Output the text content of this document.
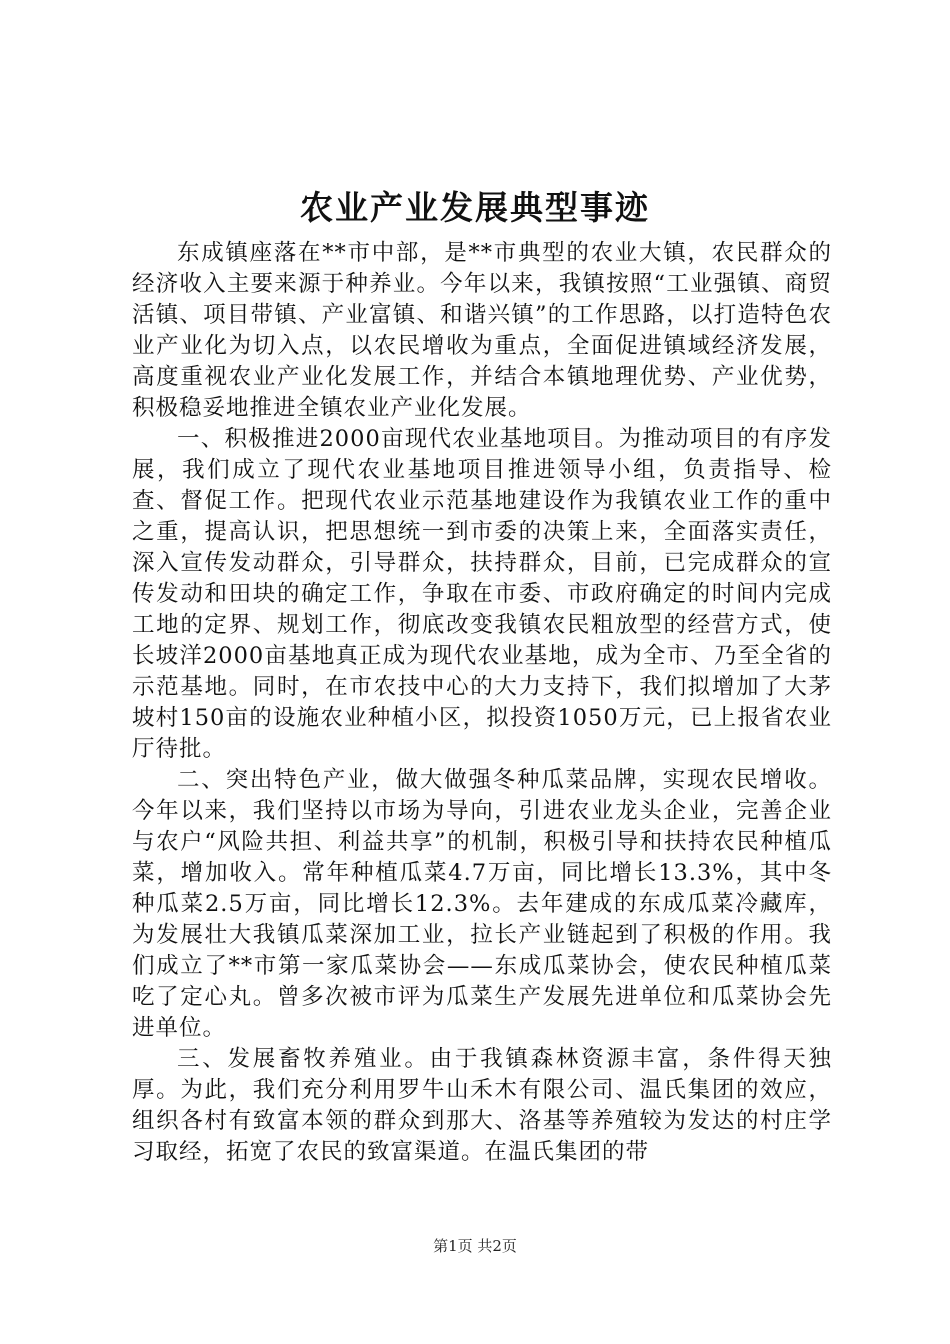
农业产业发展典型事迹

东成镇座落在**市中部，是**市典型的农业大镇，农民群众的经济收入主要来源于种养业。今年以来，我镇按照“工业强镇、商贸活镇、项目带镇、产业富镇、和谐兴镇”的工作思路，以打造特色农业产业化为切入点，以农民增收为重点，全面促进镇域经济发展，高度重视农业产业化发展工作，并结合本镇地理优势、产业优势，积极稳妥地推进全镇农业产业化发展。

一、积极推进2000亩现代农业基地项目。为推动项目的有序发展，我们成立了现代农业基地项目推进领导小组，负责指导、检查、督促工作。把现代农业示范基地建设作为我镇农业工作的重中之重，提高认识，把思想统一到市委的决策上来，全面落实责任，深入宣传发动群众，引导群众，扶持群众，目前，已完成群众的宣传发动和田块的确定工作，争取在市委、市政府确定的时间内完成工地的定界、规划工作，彻底改变我镇农民粗放型的经营方式，使长坡洋2000亩基地真正成为现代农业基地，成为全市、乃至全省的示范基地。同时，在市农技中心的大力支持下，我们拟增加了大茅坡村150亩的设施农业种植小区，拟投资1050万元，已上报省农业厅待批。

二、突出特色产业，做大做强冬种瓜菜品牌，实现农民增收。今年以来，我们坚持以市场为导向，引进农业龙头企业，完善企业与农户“风险共担、利益共享”的机制，积极引导和扶持农民种植瓜菜，增加收入。常年种植瓜菜4.7万亩，同比增长13.3%，其中冬种瓜菜2.5万亩，同比增长12.3%。去年建成的东成瓜菜冷藏库，为发展壮大我镇瓜菜深加工业，拉长产业链起到了积极的作用。我们成立了**市第一家瓜菜协会——东成瓜菜协会，使农民种植瓜菜吃了定心丸。曾多次被市评为瓜菜生产发展先进单位和瓜菜协会先进单位。

三、发展畜牧养殖业。由于我镇森林资源丰富，条件得天独厚。为此，我们充分利用罗牛山禾木有限公司、温氏集团的效应，组织各村有致富本领的群众到那大、洛基等养殖较为发达的村庄学习取经，拓宽了农民的致富渠道。在温氏集团的带

第1页 共2页
